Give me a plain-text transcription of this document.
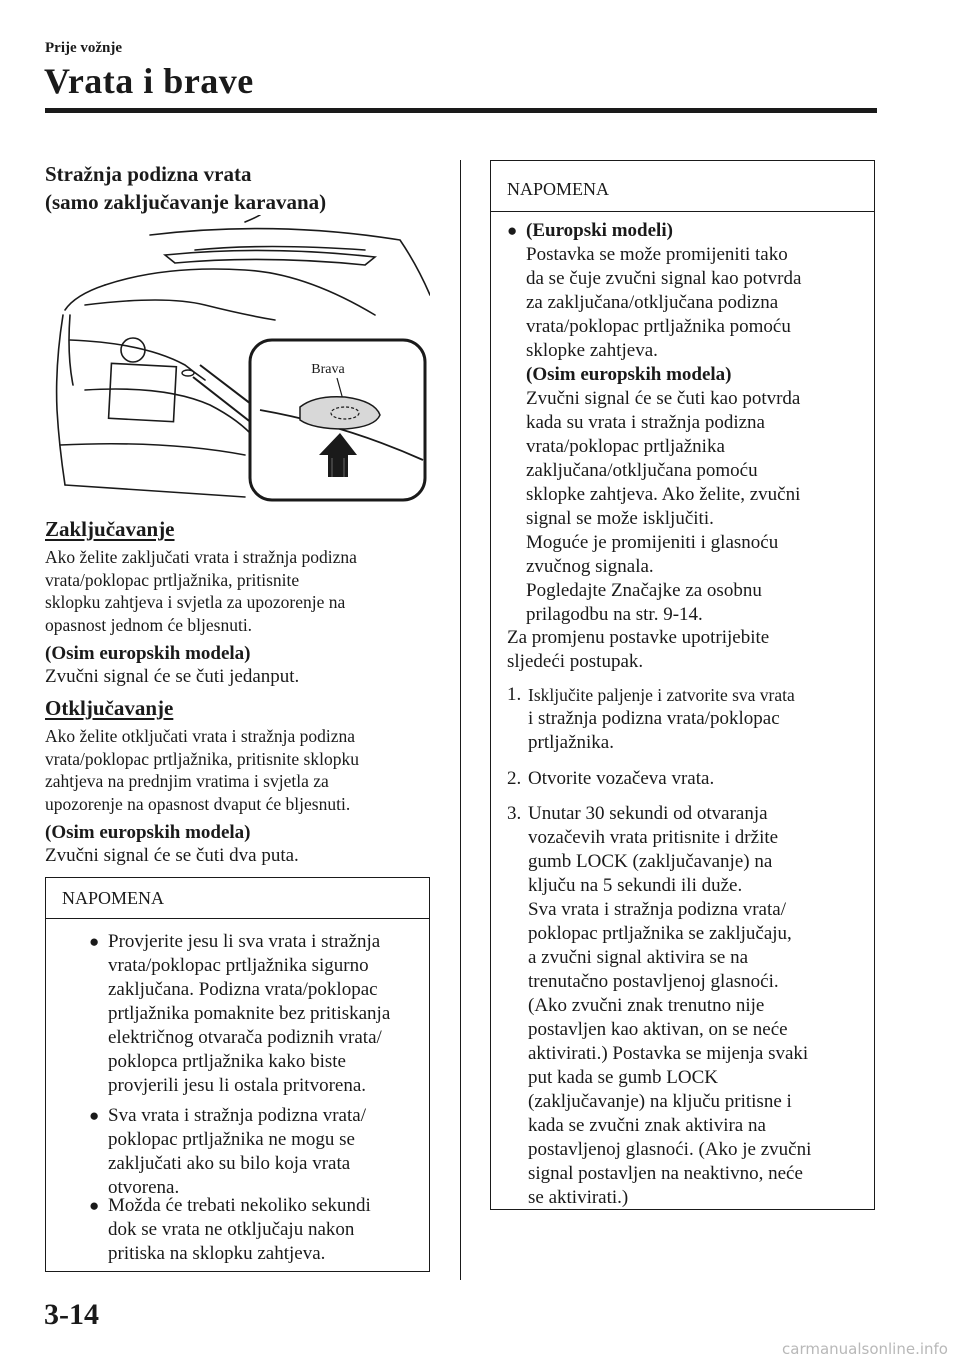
Prije vožnje
Vrata i brave
Stražnja podizna vrata
(samo zaključavanje karavana)
Brava
Zaključavanje
Ako želite zaključati vrata i stražnja podizna
vrata/poklopac prtljažnika, pritisnite
sklopku zahtjeva i svjetla za upozorenje na
opasnost jednom će bljesnuti.
(Osim europskih modela)
Zvučni signal će se čuti jedanput.
Otključavanje
Ako želite otključati vrata i stražnja podizna
vrata/poklopac prtljažnika, pritisnite sklopku
zahtjeva na prednjim vratima i svjetla za
upozorenje na opasnost dvaput će bljesnuti.
(Osim europskih modela)
Zvučni signal će se čuti dva puta.
NAPOMENA
● Provjerite jesu li sva vrata i stražnja
vrata/poklopac prtljažnika sigurno
zaključana. Podizna vrata/poklopac
prtljažnika pomaknite bez pritiskanja
električnog otvarača podiznih vrata/
poklopca prtljažnika kako biste
provjerili jesu li ostala pritvorena.
● Sva vrata i stražnja podizna vrata/
poklopac prtljažnika ne mogu se
zaključati ako su bilo koja vrata
otvorena.
● Možda će trebati nekoliko sekundi
dok se vrata ne otključaju nakon
pritiska na sklopku zahtjeva.
NAPOMENA
● (Europski modeli)
Postavka se može promijeniti tako
da se čuje zvučni signal kao potvrda
za zaključana/otključana podizna
vrata/poklopac prtljažnika pomoću
sklopke zahtjeva.
(Osim europskih modela)
Zvučni signal će se čuti kao potvrda
kada su vrata i stražnja podizna
vrata/poklopac prtljažnika
zaključana/otključana pomoću
sklopke zahtjeva. Ako želite, zvučni
signal se može isključiti.
Moguće je promijeniti i glasnoću
zvučnog signala.
Pogledajte Značajke za osobnu
prilagodbu na str. 9-14.
Za promjenu postavke upotrijebite
sljedeći postupak.
1. Isključite paljenje i zatvorite sva vrata
i stražnja podizna vrata/poklopac
prtljažnika.
2. Otvorite vozačeva vrata.
3. Unutar 30 sekundi od otvaranja
vozačevih vrata pritisnite i držite
gumb LOCK (zaključavanje) na
ključu na 5 sekundi ili duže.
Sva vrata i stražnja podizna vrata/
poklopac prtljažnika se zaključaju,
a zvučni signal aktivira se na
trenutačno postavljenoj glasnoći.
(Ako zvučni znak trenutno nije
postavljen kao aktivan, on se neće
aktivirati.) Postavka se mijenja svaki
put kada se gumb LOCK
(zaključavanje) na ključu pritisne i
kada se zvučni znak aktivira na
postavljenoj glasnoći. (Ako je zvučni
signal postavljen na neaktivno, neće
se aktivirati.)
3-14
carmanualsonline.info
